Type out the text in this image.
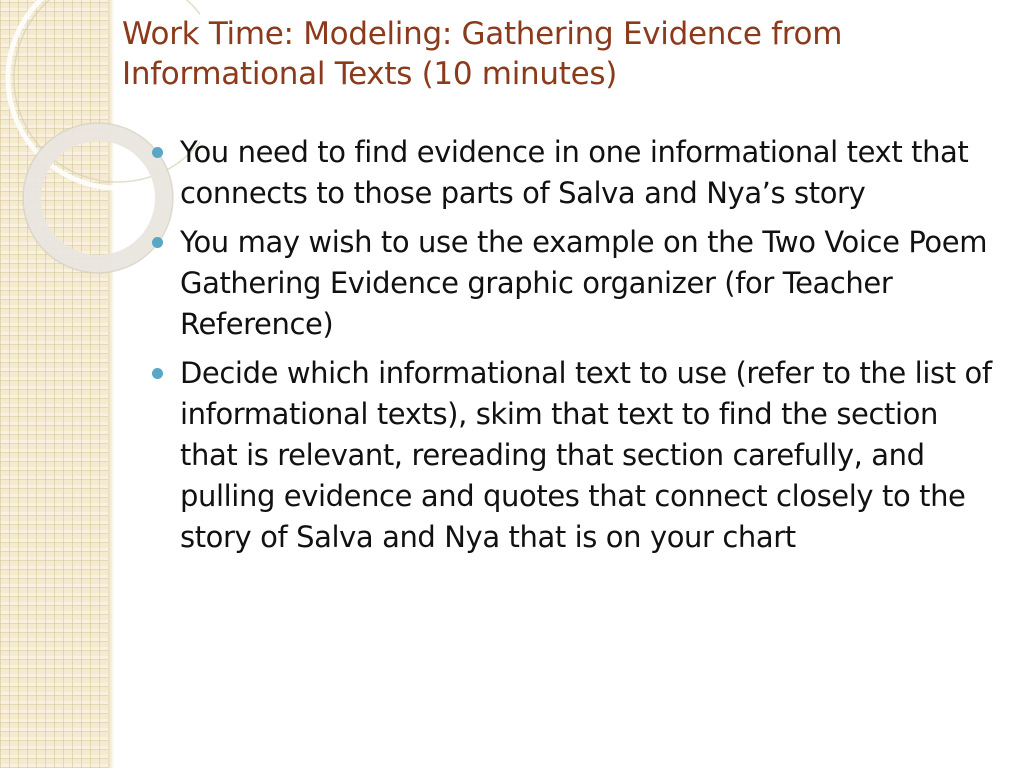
Work Time: Modeling: Gathering Evidence from Informational Texts (10 minutes)
You need to find evidence in one informational text that connects to those parts of Salva and Nya’s story
You may wish to use the example on the Two Voice Poem Gathering Evidence graphic organizer (for Teacher Reference)
Decide which informational text to use (refer to the list of informational texts), skim that text to find the section that is relevant, rereading that section carefully, and pulling evidence and quotes that connect closely to the story of Salva and Nya that is on your chart
